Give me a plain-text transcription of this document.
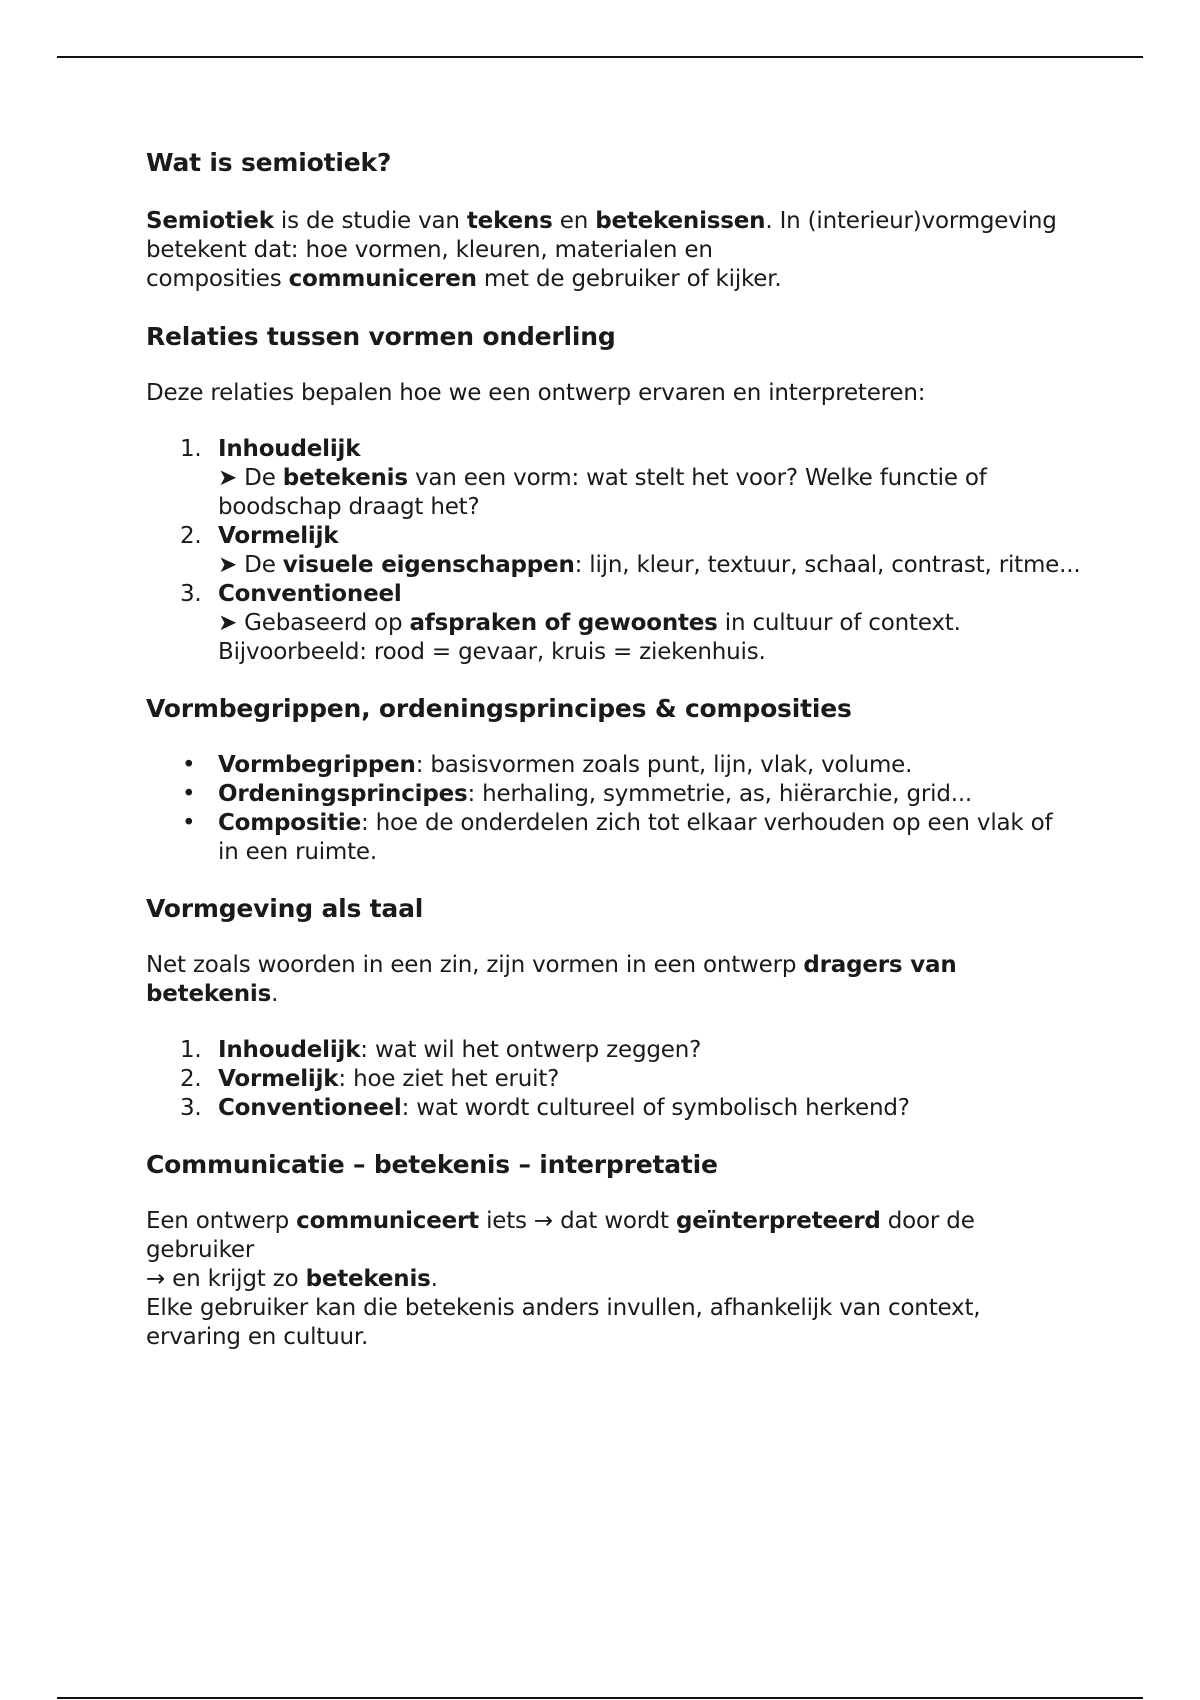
Wat is semiotiek?

Semiotiek is de studie van tekens en betekenissen. In (interieur)vormgeving
betekent dat: hoe vormen, kleuren, materialen en
composities communiceren met de gebruiker of kijker.

Relaties tussen vormen onderling

Deze relaties bepalen hoe we een ontwerp ervaren en interpreteren:

1. Inhoudelijk
➤ De betekenis van een vorm: wat stelt het voor? Welke functie of
boodschap draagt het?
2. Vormelijk
➤ De visuele eigenschappen: lijn, kleur, textuur, schaal, contrast, ritme...
3. Conventioneel
➤ Gebaseerd op afspraken of gewoontes in cultuur of context.
Bijvoorbeeld: rood = gevaar, kruis = ziekenhuis.
Vormbegrippen, ordeningsprincipes & composities
• Vormbegrippen: basisvormen zoals punt, lijn, vlak, volume.
• Ordeningsprincipes: herhaling, symmetrie, as, hiërarchie, grid...
• Compositie: hoe de onderdelen zich tot elkaar verhouden op een vlak of
in een ruimte.
Vormgeving als taal

Net zoals woorden in een zin, zijn vormen in een ontwerp dragers van betekenis.

1. Inhoudelijk: wat wil het ontwerp zeggen?
2. Vormelijk: hoe ziet het eruit?
3. Conventioneel: wat wordt cultureel of symbolisch herkend?
Communicatie – betekenis – interpretatie

Een ontwerp communiceert iets → dat wordt geïnterpreteerd door de gebruiker
→ en krijgt zo betekenis.
Elke gebruiker kan die betekenis anders invullen, afhankelijk van context,
ervaring en cultuur.
